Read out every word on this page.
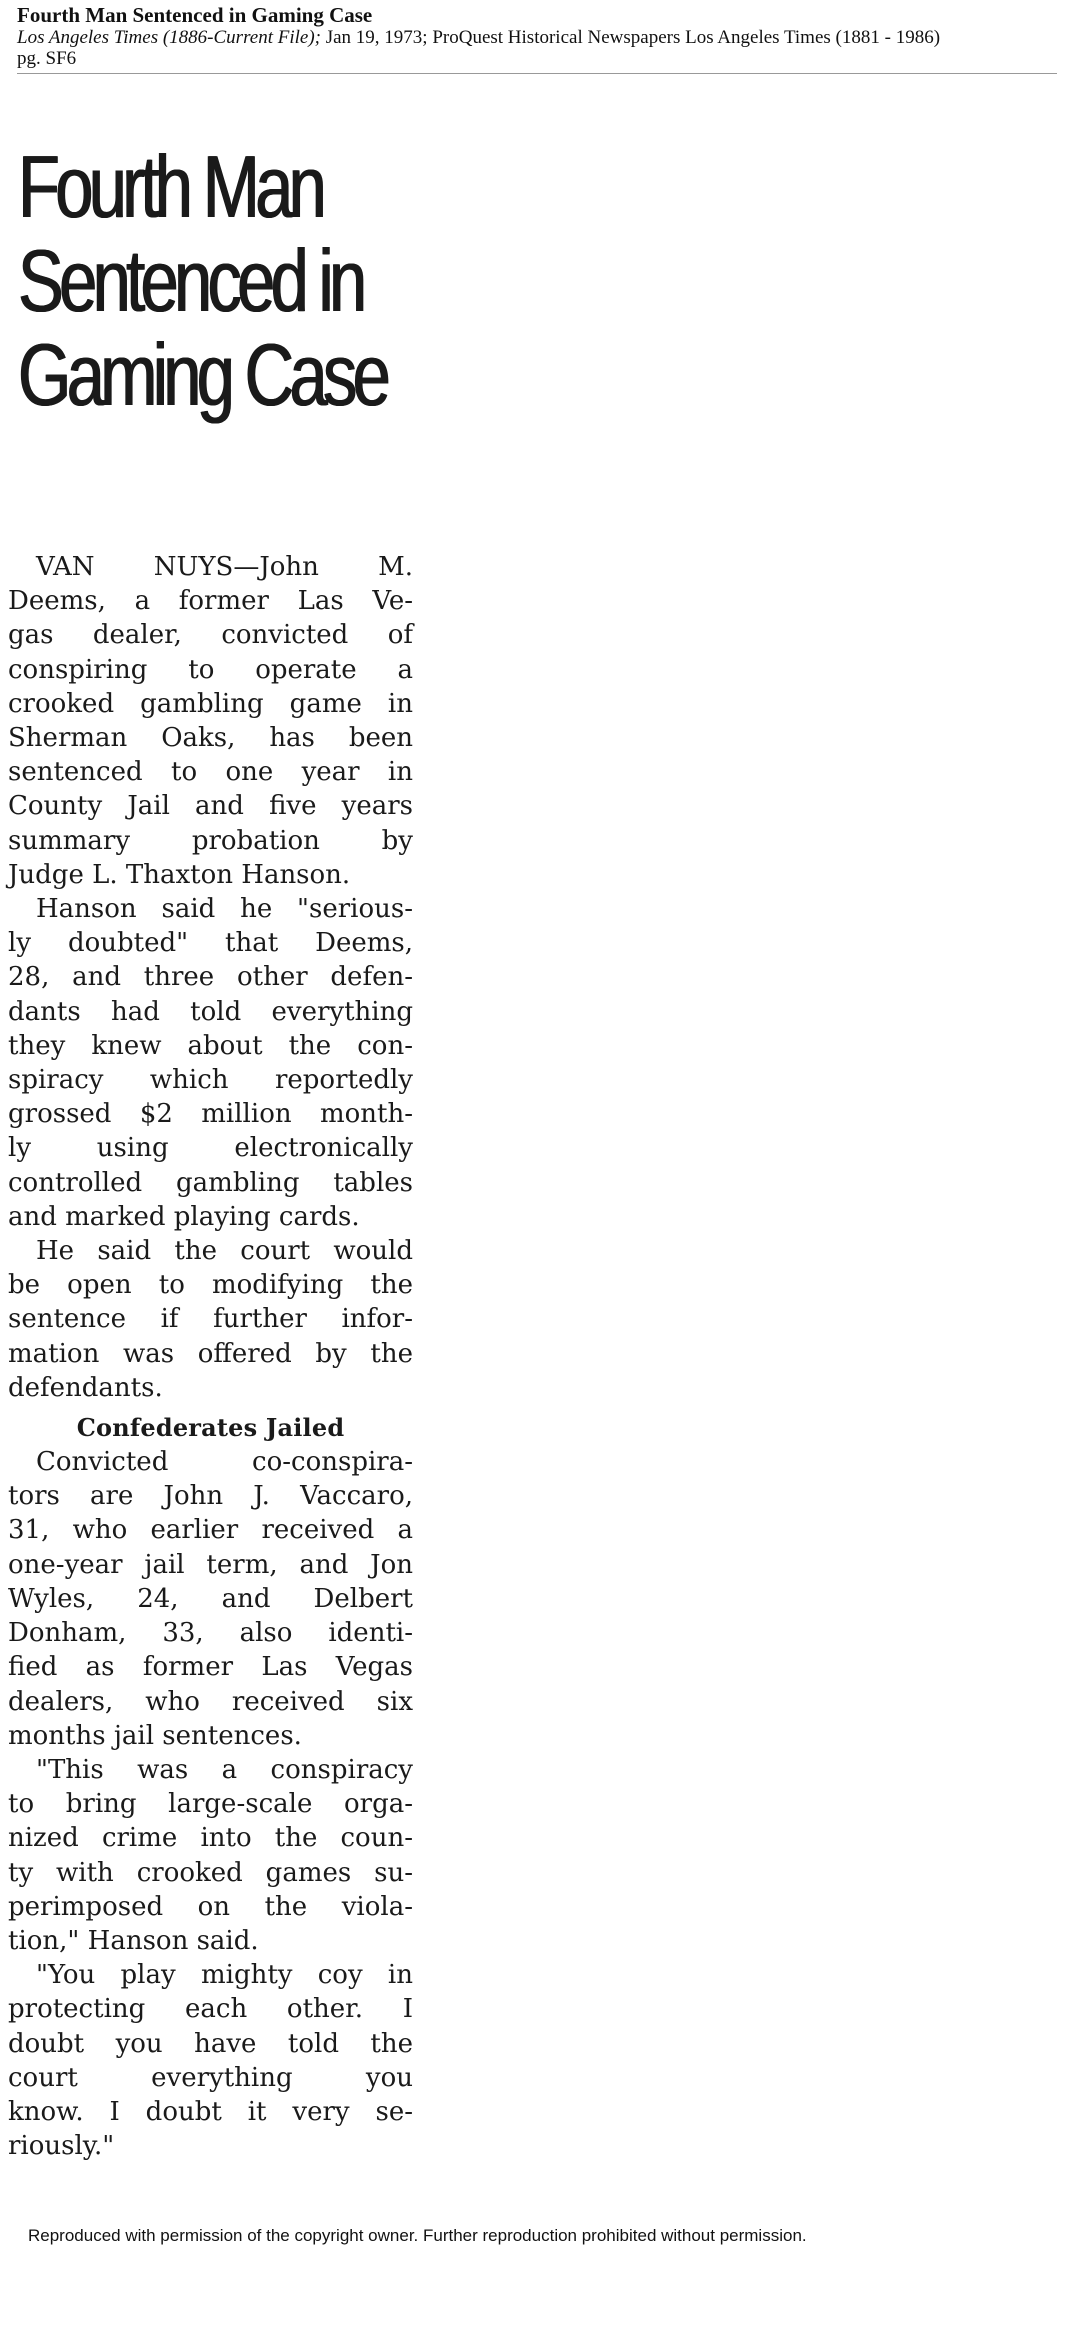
Fourth Man Sentenced in Gaming Case
Los Angeles Times (1886-Current File); Jan 19, 1973; ProQuest Historical Newspapers Los Angeles Times (1881 - 1986)
pg. SF6
Fourth Man
Sentenced in
Gaming Case
VAN NUYS—John M.
Deems, a former Las Ve-
gas dealer, convicted of
conspiring to operate a
crooked gambling game in
Sherman Oaks, has been
sentenced to one year in
County Jail and five years
summary probation by
Judge L. Thaxton Hanson.
Hanson said he "serious-
ly doubted" that Deems,
28, and three other defen-
dants had told everything
they knew about the con-
spiracy which reportedly
grossed $2 million month-
ly using electronically
controlled gambling tables
and marked playing cards.
He said the court would
be open to modifying the
sentence if further infor-
mation was offered by the
defendants.
Confederates Jailed
Convicted co-conspira-
tors are John J. Vaccaro,
31, who earlier received a
one-year jail term, and Jon
Wyles, 24, and Delbert
Donham, 33, also identi-
fied as former Las Vegas
dealers, who received six
months jail sentences.
"This was a conspiracy
to bring large-scale orga-
nized crime into the coun-
ty with crooked games su-
perimposed on the viola-
tion," Hanson said.
"You play mighty coy in
protecting each other. I
doubt you have told the
court everything you
know. I doubt it very se-
riously."
Reproduced with permission of the copyright owner. Further reproduction prohibited without permission.
